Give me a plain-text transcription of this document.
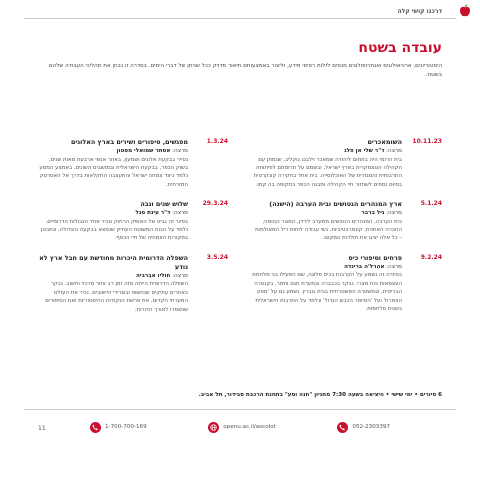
דרכנו קושי קלה
עובדה בשטח
היסטוריונים, ארכיאולוגים ואנתרופולוגים מנסים לזלות רסיסי מידע, וליצור באמצעותם תיאור מדויק ככל שניתן של דברי הימים. בסדרה זו נבחן את תהליכי העבודה שלהם בשטח.
10.11.23
השומאכרים
מרצה: ד"ר שלי אן פלג
בית הרומי היה בתחום ליהודה שמאכר וילבנג נוקליב, שנמתן עם הקהילה הנוצמקרית בארץ ישראל, ובשמם על תרומתם לפיתוחה התרבותית והמגזרית של האוכלוסייה. בית אחד בחקירה קונקרטית בסיום נספים לשחזור חיי הקהילה ומבנה הכפר בתקופה בה קמו.
5.1.24
ארץ המנהרים הנטושים ובית הערבה (הישנה)
מרצה: גיל ברבר
בית הערבה, המנהרים הנטושים ממערב לירדן, המגור ההומני, החברה האתנית, קונסרבטיביות. נשי עבודה לוחות ריל המאולמות – כל אלה יציגו את תולדות המקום.
9.2.24
פרחים וסיפורי כיס
מרצה: אהרל'ה ברינדה
בסיורה זה נשמע על הקרבות בכיס פלוגה, שם הפעילו בני מלחמת העצמאות כוח מצרי. נבקר בכבברה ובמערת תגם ותמר, בקנטרה הבריטית, ובמשטרה המשטרתית בבית גוברין. נשמע גם על 'מסע הצמרת' ועל 'הסיפור הכבש הגדול' ונלמד על התרבות הישראלית בשנות מלחמות.
1.3.24
מפגשים, סיפורים ושירים בארץ האלונים
מרצה: אסתר שמואלי מסטון
נסייר בבקעת אלונים ושמעון. באזור אנשי ארבעת מאות שנים, בשוק הכפר, בבקעת הישראלית ובמושבים השונים. באמצע המסע נלמד כיצד צמחה ישראל והתעצבה החקלאות בדרך אל האסרטק המזרחית.
29.3.24
שלוש שנים וגבה
מרצה: ד"ר עינת סגל
בסיור זה נביט אל האופק הרחוק ונכיר אחד הגבולות הדרומיים. נלמד על הכוח המשוטח העתיק שנמצא בבקעה והגדולה, ונתבונן במקורות הצמחיה של חיי הכסף.
3.5.24
השפלה הדרומית היכרות מחודשת עם חבל ארץ לא נודע
מרצה: חוליו אברביה
השפלה הדרומית הייתה מזה זמן רב אזור מרכזי וחשוב. נבקר באתרים עתיקים שנחשפו ובשרידי היישובים. נכיר את העולם המערתי הקדום, את פרשת הנקודות ההיסטוריות ואת הסיפורים שנשמרו לאורך הדורות.
6 סיורים • ימי שישי • היציאה בשעה 7:30 מחניון "חנה וסע" בתחנת הרכבת סבידור, תל אביב.
1-700-700-169	openu.ac.il/ascolot	052-2303397
11
